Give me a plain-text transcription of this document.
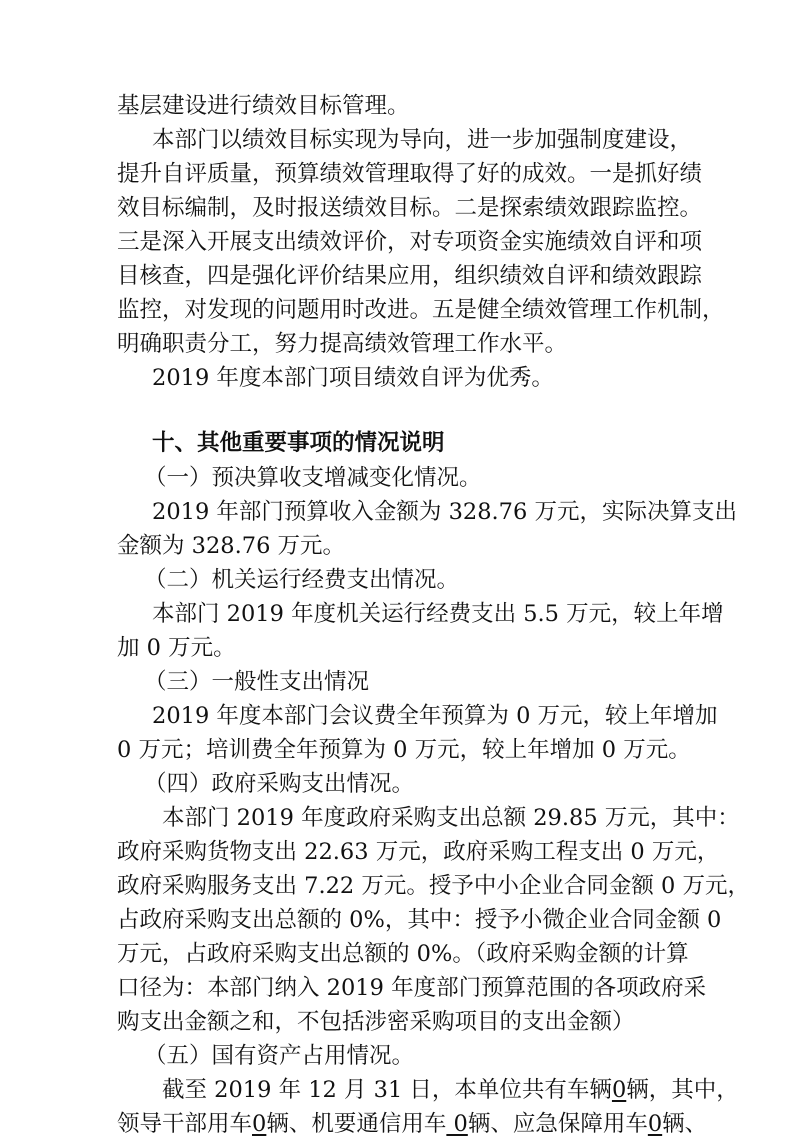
基层建设进行绩效目标管理。
本部门以绩效目标实现为导向，进一步加强制度建设，
提升自评质量，预算绩效管理取得了好的成效。一是抓好绩
效目标编制，及时报送绩效目标。二是探索绩效跟踪监控。
三是深入开展支出绩效评价，对专项资金实施绩效自评和项
目核查，四是强化评价结果应用，组织绩效自评和绩效跟踪
监控，对发现的问题用时改进。五是健全绩效管理工作机制，
明确职责分工，努力提高绩效管理工作水平。
2019 年度本部门项目绩效自评为优秀。
十、其他重要事项的情况说明
（一）预决算收支增减变化情况。
2019 年部门预算收入金额为 328.76 万元，实际决算支出
金额为 328.76 万元。
（二）机关运行经费支出情况。
本部门 2019 年度机关运行经费支出 5.5 万元，较上年增
加 0 万元。
（三）一般性支出情况
2019 年度本部门会议费全年预算为 0 万元，较上年增加
0 万元；培训费全年预算为 0 万元，较上年增加 0 万元。
（四）政府采购支出情况。
本部门 2019 年度政府采购支出总额 29.85 万元，其中：
政府采购货物支出 22.63 万元，政府采购工程支出 0 万元，
政府采购服务支出 7.22 万元。授予中小企业合同金额 0 万元，
占政府采购支出总额的 0%，其中：授予小微企业合同金额 0
万元，占政府采购支出总额的 0%。（政府采购金额的计算
口径为：本部门纳入 2019 年度部门预算范围的各项政府采
购支出金额之和，不包括涉密采购项目的支出金额）
（五）国有资产占用情况。
截至 2019 年 12 月 31 日，本单位共有车辆0辆，其中，
领导干部用车0辆、机要通信用车 0辆、应急保障用车0辆、
